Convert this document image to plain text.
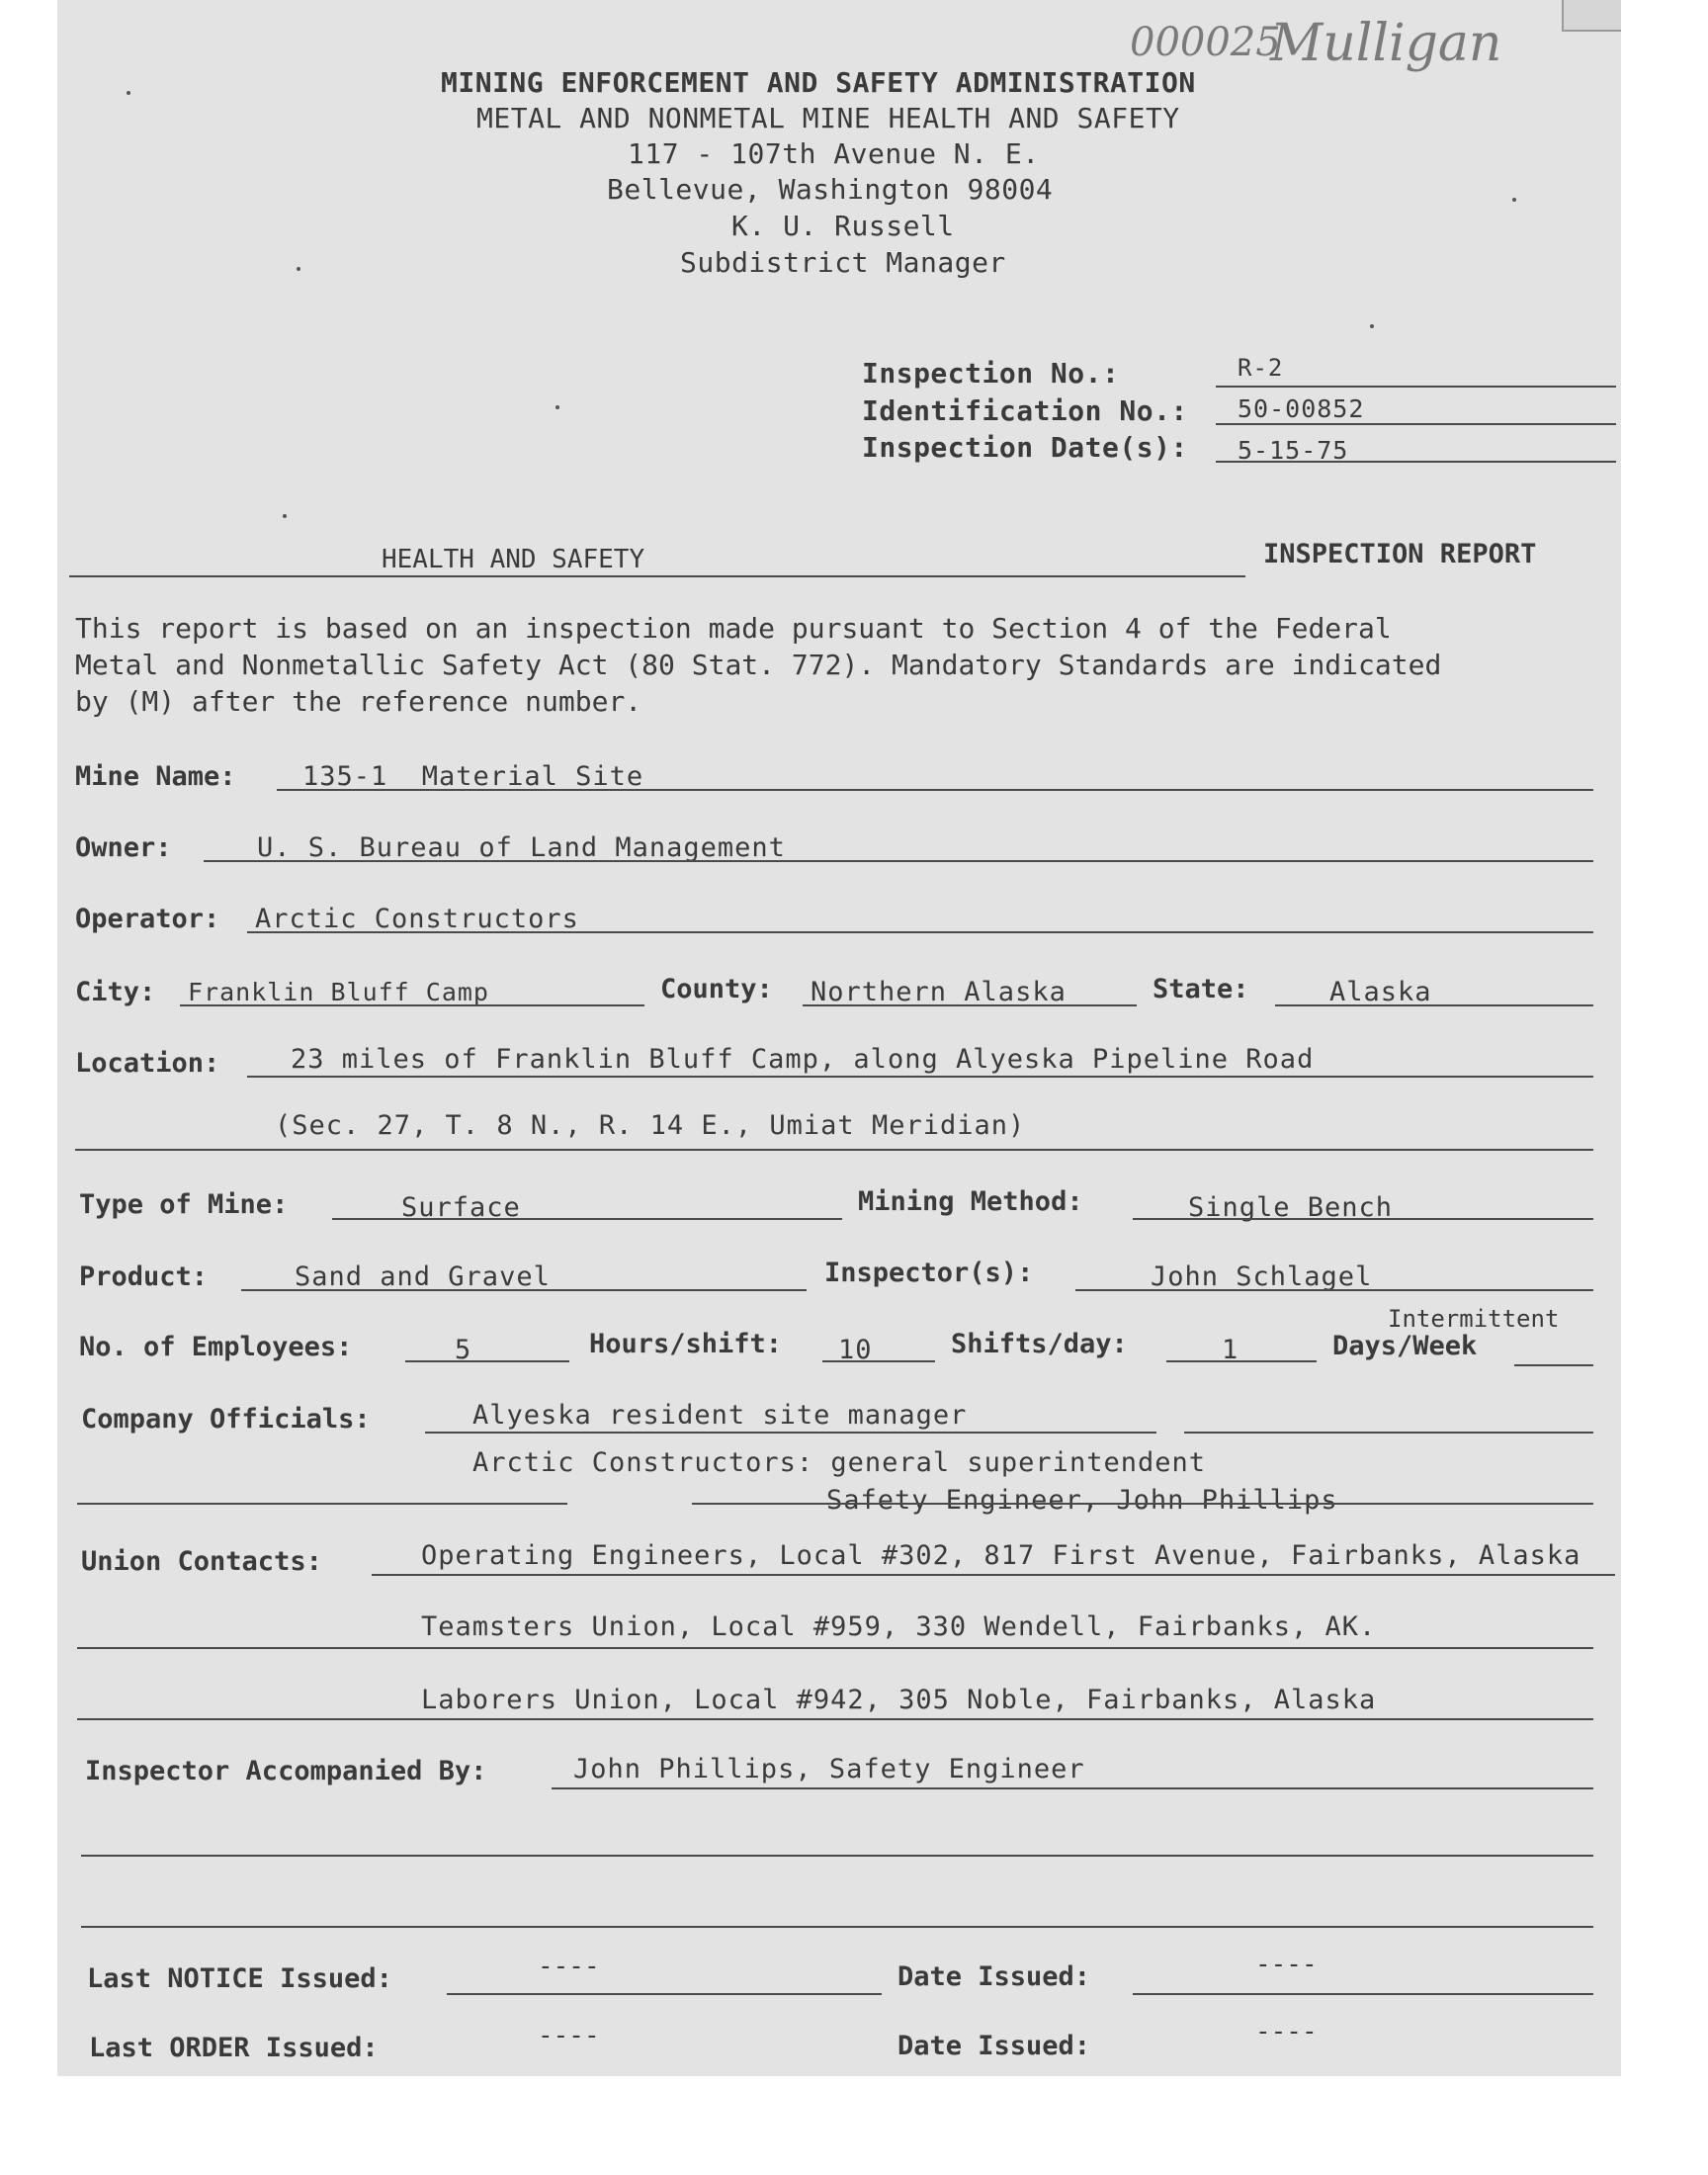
000025
Mulligan
MINING ENFORCEMENT AND SAFETY ADMINISTRATION
METAL AND NONMETAL MINE HEALTH AND SAFETY
117 - 107th Avenue N. E.
Bellevue, Washington 98004
K. U. Russell
Subdistrict Manager
Inspection No.:	R-2
Identification No.: 50-00852
Inspection Date(s): 5-15-75
HEALTH AND SAFETY	INSPECTION REPORT
This report is based on an inspection made pursuant to Section 4 of the Federal
Metal and Nonmetallic Safety Act (80 Stat. 772). Mandatory Standards are indicated
by (M) after the reference number.
Mine Name: 135-1  Material Site
Owner:	U. S. Bureau of Land Management
Operator: Arctic Constructors
City: Franklin Bluff Camp	County: Northern Alaska	State:	Alaska
Location:	23 miles of Franklin Bluff Camp, along Alyeska Pipeline Road
(Sec. 27, T. 8 N., R. 14 E., Umiat Meridian)
Type of Mine:	Surface	Mining Method:	Single Bench
Product:	Sand and Gravel	Inspector(s):	John Schlagel
No. of Employees:	5	Hours/shift: 10	Shifts/day:	1
Intermittent
Days/Week
Company Officials:	Alyeska resident site manager
Arctic Constructors: general superintendent
Safety Engineer, John Phillips
Union Contacts:	Operating Engineers, Local #302, 817 First Avenue, Fairbanks, Alaska
Teamsters Union, Local #959, 330 Wendell, Fairbanks, AK.
Laborers Union, Local #942, 305 Noble, Fairbanks, Alaska
Inspector Accompanied By:	John Phillips, Safety Engineer
Last NOTICE Issued:	----	Date Issued:	----
Last ORDER Issued:	----	Date Issued:	----
